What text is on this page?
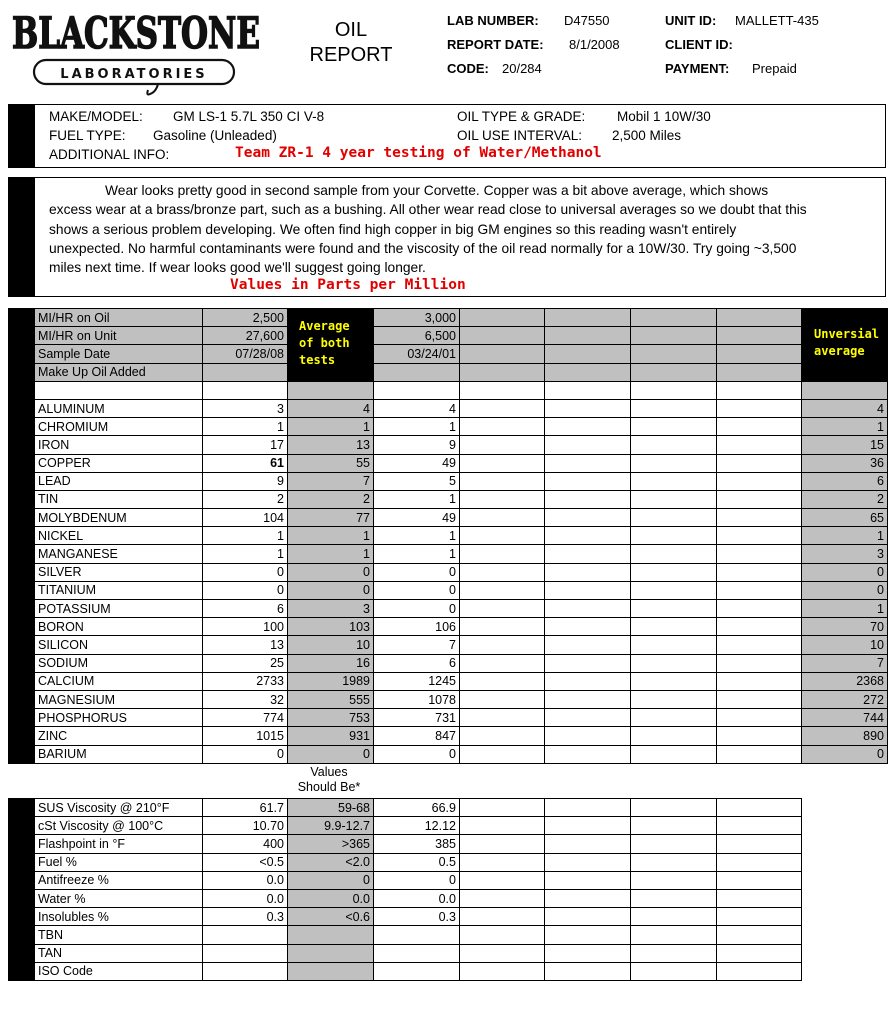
BLACKSTONE
LABORATORIES
OIL
REPORT
LAB NUMBER: D47550
REPORT DATE: 8/1/2008
CODE: 20/284
UNIT ID: MALLETT-435
CLIENT ID:
PAYMENT: Prepaid
MAKE/MODEL: GM LS-1 5.7L 350 CI V-8
FUEL TYPE: Gasoline (Unleaded)
ADDITIONAL INFO:	Team ZR-1 4 year testing of Water/Methanol
OIL TYPE & GRADE: Mobil 1 10W/30
OIL USE INTERVAL: 2,500 Miles
Wear looks pretty good in second sample from your Corvette. Copper was a bit above average, which shows excess wear at a brass/bronze part, such as a bushing. All other wear read close to universal averages so we doubt that this shows a serious problem developing. We often find high copper in big GM engines so this reading wasn't entirely unexpected. No harmful contaminants were found and the viscosity of the oil read normally for a 10W/30. Try going ~3,500 miles next time. If wear looks good we'll suggest going longer.
Values in Parts per Million
	MI/HR on Oil	2,500		3,000					
	MI/HR on Unit	27,600		6,500					
	Sample Date	07/28/08		03/24/01					
	Make Up Oil Added								

	ALUMINUM	3	4	4					4
	CHROMIUM	1	1	1					1
	IRON	17	13	9					15
	COPPER	61	55	49					36
	LEAD	9	7	5					6
	TIN	2	2	1					2
	MOLYBDENUM	104	77	49					65
	NICKEL	1	1	1					1
	MANGANESE	1	1	1					3
	SILVER	0	0	0					0
	TITANIUM	0	0	0					0
	POTASSIUM	6	3	0					1
	BORON	100	103	106					70
	SILICON	13	10	7					10
	SODIUM	25	16	6					7
	CALCIUM	2733	1989	1245					2368
	MAGNESIUM	32	555	1078					272
	PHOSPHORUS	774	753	731					744
	ZINC	1015	931	847					890
	BARIUM	0	0	0					0
Average
of both
tests
Unversial
average
Values
Should Be*
	SUS Viscosity @ 210°F	61.7	59-68	66.9				
	cSt Viscosity @ 100°C	10.70	9.9-12.7	12.12				
	Flashpoint in °F	400	>365	385				
	Fuel %	<0.5	<2.0	0.5				
	Antifreeze %	0.0	0	0				
	Water %	0.0	0.0	0.0				
	Insolubles %	0.3	<0.6	0.3				
	TBN							
	TAN							
	ISO Code							
